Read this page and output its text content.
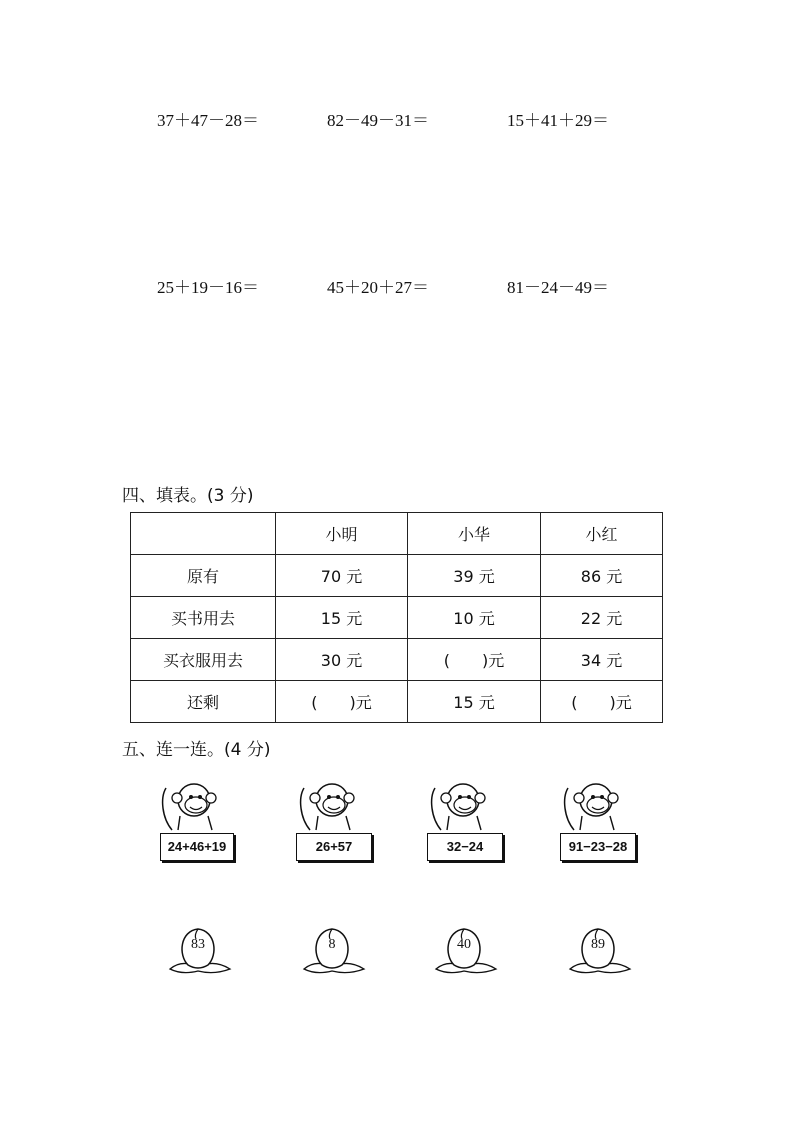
37＋47－28＝	82－49－31＝	15＋41＋29＝
25＋19－16＝	45＋20＋27＝	81－24－49＝
四、填表。(3 分)
	小明	小华	小红
原有	70 元	39 元	86 元
买书用去	15 元	10 元	22 元
买衣服用去	30 元	(　　)元	34 元
还剩	(　　)元	15 元	(　　)元
五、连一连。(4 分)
24+46+19	26+57	32−24	91−23−28
83	8	40	89
